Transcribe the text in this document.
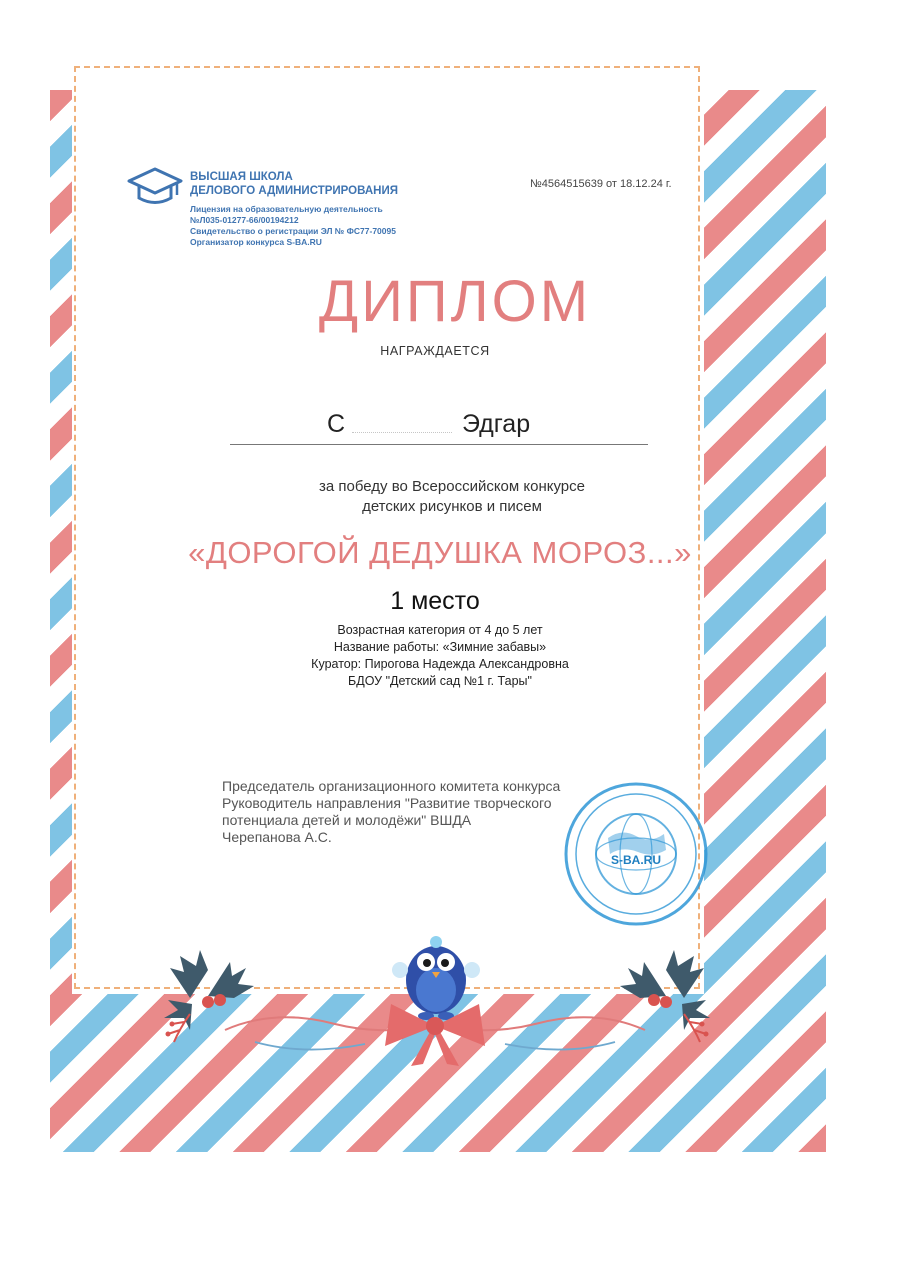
ВЫСШАЯ ШКОЛА
ДЕЛОВОГО АДМИНИСТРИРОВАНИЯ
Лицензия на образовательную деятельность
№Л035-01277-66/00194212
Свидетельство о регистрации ЭЛ № ФС77-70095
Организатор конкурса S-BA.RU
№4564515639 от 18.12.24 г.
ДИПЛОМ
НАГРАЖДАЕТСЯ
С	Эдгар
за победу во Всероссийском конкурсе
детских рисунков и писем
«ДОРОГОЙ ДЕДУШКА МОРОЗ...»
1 место
Возрастная категория от 4 до 5 лет
Название работы: «Зимние забавы»
Куратор: Пирогова Надежда Александровна
БДОУ "Детский сад №1 г. Тары"
Председатель организационного комитета конкурса
Руководитель направления "Развитие творческого
потенциала детей и молодёжи" ВШДА
Черепанова А.С.
S-BA.RU
